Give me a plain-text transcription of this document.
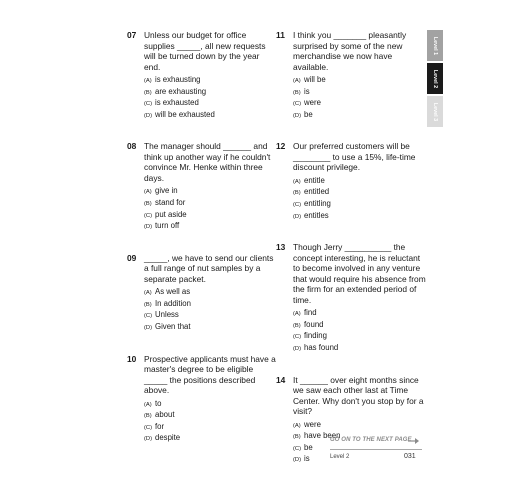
07 Unless our budget for office supplies _____, all new requests will be turned down by the year end.
(A) is exhausting
(B) are exhausting
(C) is exhausted
(D) will be exhausted
08 The manager should ______ and think up another way if he couldn't convince Mr. Henke within three days.
(A) give in
(B) stand for
(C) put aside
(D) turn off
09 _____, we have to send our clients a full range of nut samples by a separate packet.
(A) As well as
(B) In addition
(C) Unless
(D) Given that
10 Prospective applicants must have a master's degree to be eligible _____ the positions described above.
(A) to
(B) about
(C) for
(D) despite
11 I think you _______ pleasantly surprised by some of the new merchandise we now have available.
(A) will be
(B) is
(C) were
(D) be
12 Our preferred customers will be ________ to use a 15%, life-time discount privilege.
(A) entitle
(B) entitled
(C) entitling
(D) entitles
13 Though Jerry __________ the concept interesting, he is reluctant to become involved in any venture that would require his absence from the firm for an extended period of time.
(A) find
(B) found
(C) finding
(D) has found
14 It ______ over eight months since we saw each other last at Time Center. Why don't you stop by for a visit?
(A) were
(B) have been
(C) be
(D) is
Level 1
Level 2
Level 3
GO ON TO THE NEXT PAGE
Level 2	031
